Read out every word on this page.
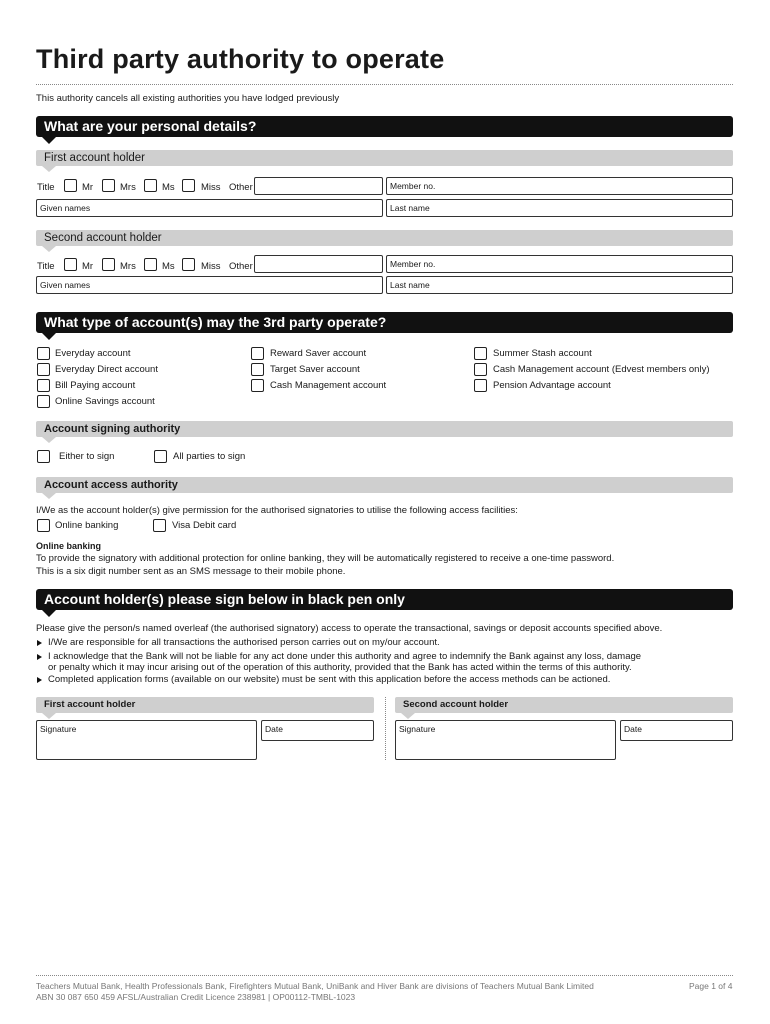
Third party authority to operate
This authority cancels all existing authorities you have lodged previously
What are your personal details?
First account holder
Title	Mr	Mrs	Ms	Miss Other	Member no.
Given names	Last name
Second account holder
Title	Mr	Mrs	Ms	Miss Other	Member no.
Given names	Last name
What type of account(s) may the 3rd party operate?
Everyday account
Everyday Direct account
Bill Paying account
Online Savings account
Reward Saver account
Target Saver account
Cash Management account
Summer Stash account
Cash Management account (Edvest members only)
Pension Advantage account
Account signing authority
Either to sign	All parties to sign
Account access authority
I/We as the account holder(s) give permission for the authorised signatories to utilise the following access facilities:
Online banking	Visa Debit card
Online banking
To provide the signatory with additional protection for online banking, they will be automatically registered to receive a one-time password.
This is a six digit number sent as an SMS message to their mobile phone.
Account holder(s) please sign below in black pen only
Please give the person/s named overleaf (the authorised signatory) access to operate the transactional, savings or deposit accounts specified above.
I/We are responsible for all transactions the authorised person carries out on my/our account.
I acknowledge that the Bank will not be liable for any act done under this authority and agree to indemnify the Bank against any loss, damage
or penalty which it may incur arising out of the operation of this authority, provided that the Bank has acted within the terms of this authority.
Completed application forms (available on our website) must be sent with this application before the access methods can be actioned.
First account holder	Second account holder
Signature	Date	Signature	Date
Teachers Mutual Bank, Health Professionals Bank, Firefighters Mutual Bank, UniBank and Hiver Bank are divisions of Teachers Mutual Bank Limited
ABN 30 087 650 459 AFSL/Australian Credit Licence 238981 | OP00112-TMBL-1023
Page 1 of 4
